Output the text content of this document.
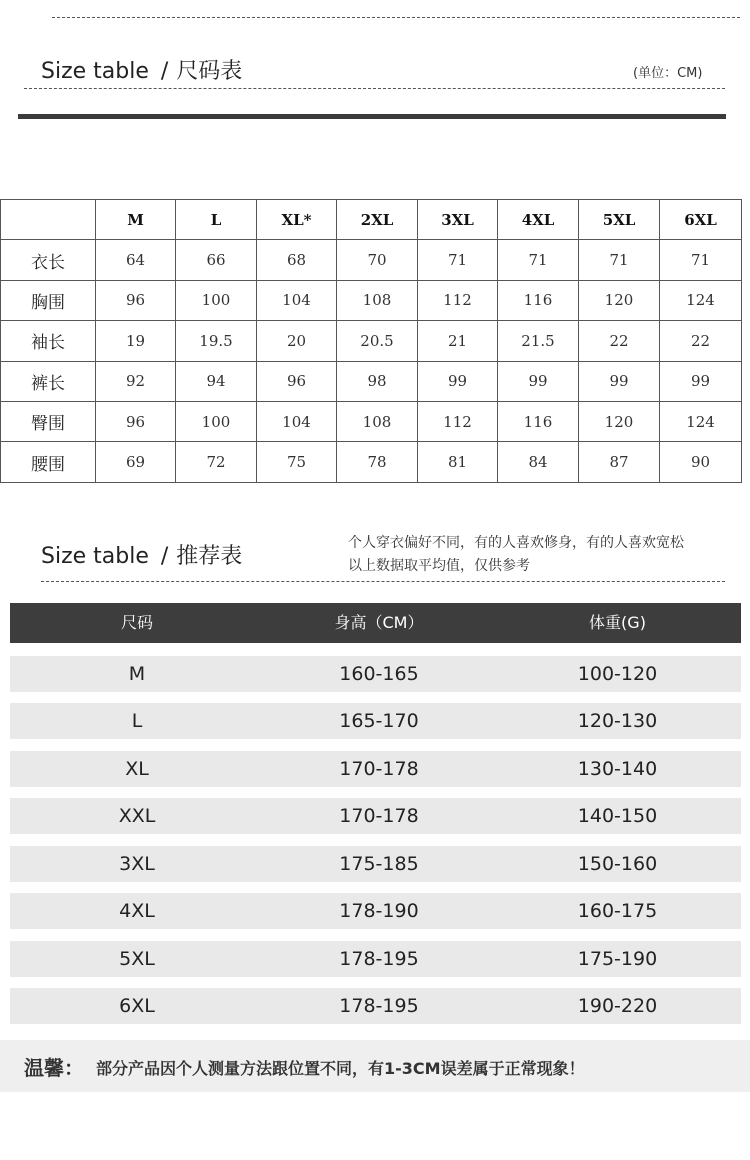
Size table / 尺码表	(单位：CM)
	M	L	XL*	2XL	3XL	4XL	5XL	6XL
衣长	64	66	68	70	71	71	71	71
胸围	96	100	104	108	112	116	120	124
袖长	19	19.5	20	20.5	21	21.5	22	22
裤长	92	94	96	98	99	99	99	99
臀围	96	100	104	108	112	116	120	124
腰围	69	72	75	78	81	84	87	90
Size table / 推荐表
个人穿衣偏好不同，有的人喜欢修身，有的人喜欢宽松
以上数据取平均值，仅供参考
尺码	身高（CM）	体重(G)
M	160-165	100-120
L	165-170	120-130
XL	170-178	130-140
XXL	170-178	140-150
3XL	175-185	150-160
4XL	178-190	160-175
5XL	178-195	175-190
6XL	178-195	190-220
温馨： 部分产品因个人测量方法跟位置不同，有1-3CM误差属于正常现象！
